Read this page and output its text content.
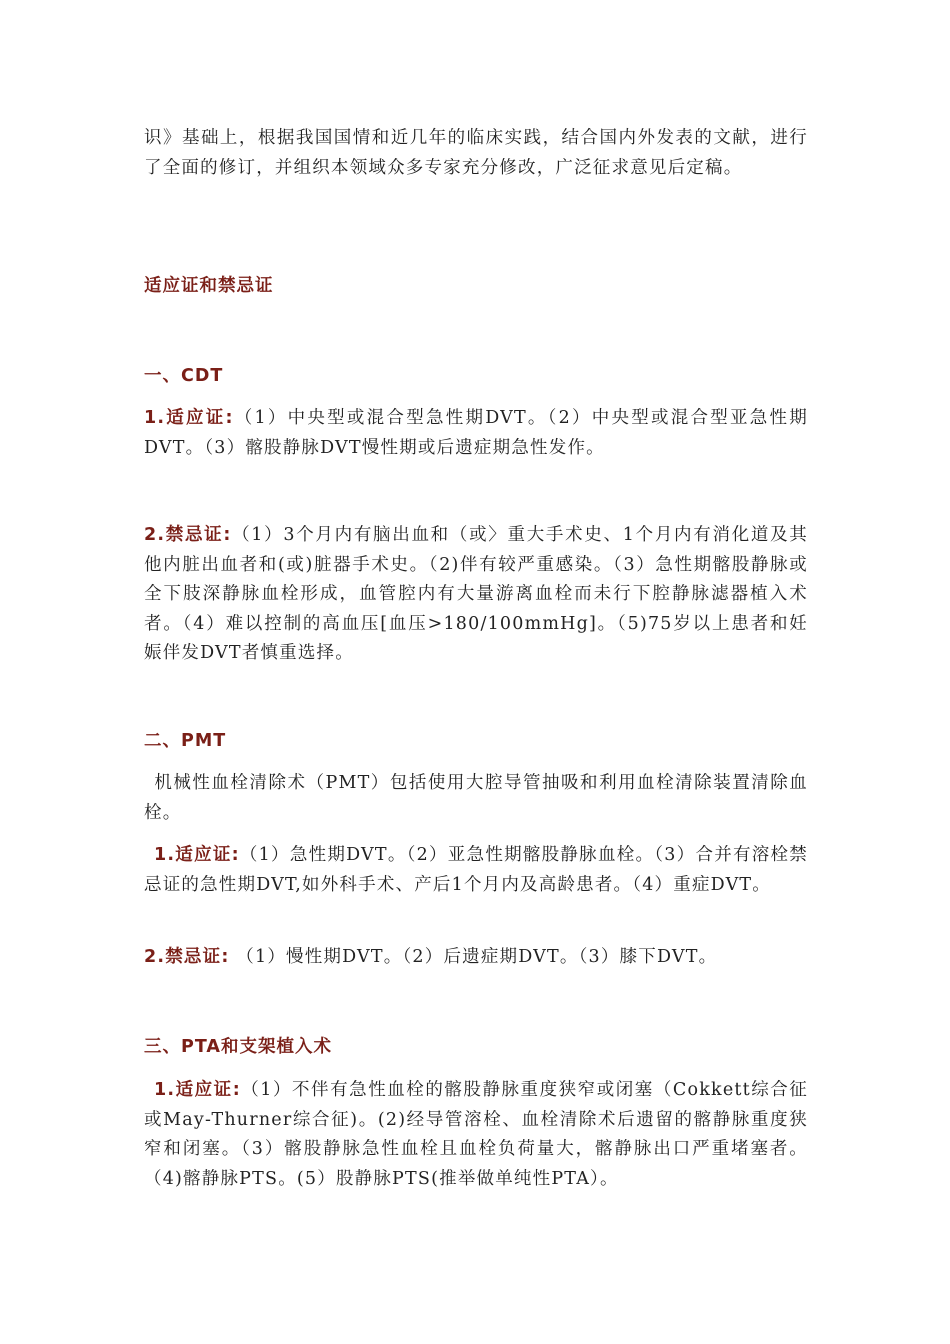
识》基础上，根据我国国情和近几年的临床实践，结合国内外发表的文献，进行了全面的修订，并组织本领域众多专家充分修改，广泛征求意见后定稿。

适应证和禁忌证
一、CDT

1.适应证:（1）中央型或混合型急性期DVT。（2）中央型或混合型亚急性期DVT。（3）髂股静脉DVT慢性期或后遗症期急性发作。

2.禁忌证:（1）3个月内有脑出血和（或〉重大手术史、1个月内有消化道及其他内脏出血者和(或)脏器手术史。（2)伴有较严重感染。（3）急性期髂股静脉或全下肢深静脉血栓形成，血管腔内有大量游离血栓而未行下腔静脉滤器植入术者。（4）难以控制的高血压[血压>180/100mmHg]。（5)75岁以上患者和妊娠伴发DVT者慎重选择。

二、PMT

机械性血栓清除术（PMT）包括使用大腔导管抽吸和利用血栓清除装置清除血栓。

1.适应证:（1）急性期DVT。（2）亚急性期髂股静脉血栓。（3）合并有溶栓禁忌证的急性期DVT,如外科手术、产后1个月内及高龄患者。（4）重症DVT。

2.禁忌证: （1）慢性期DVT。（2）后遗症期DVT。（3）膝下DVT。

三、PTA和支架植入术

1.适应证:（1）不伴有急性血栓的髂股静脉重度狭窄或闭塞（Cokkett综合征或May-Thurner综合征)。(2)经导管溶栓、血栓清除术后遗留的髂静脉重度狭窄和闭塞。（3）髂股静脉急性血栓且血栓负荷量大，髂静脉出口严重堵塞者。（4)髂静脉PTS。(5）股静脉PTS(推举做单纯性PTA）。
